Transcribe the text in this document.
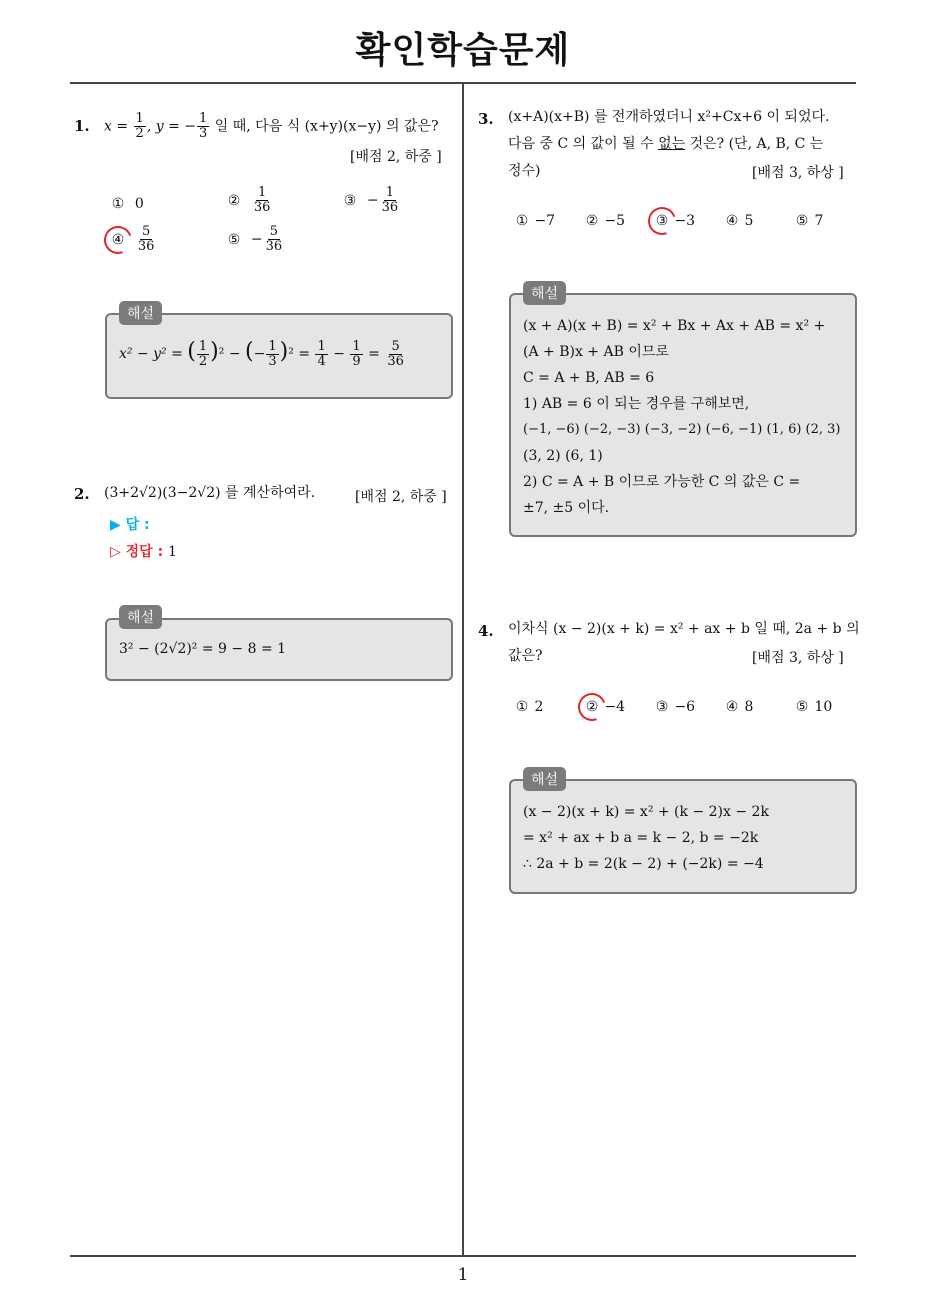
확인학습문제
1. $x = \frac{1}{2}$ , y = − $\frac{1}{3}$ 일 때, 다음 식 (x+y)(x−y) 의 값은?
[배점 2, 하중 ]
① 0	② $\frac{1}{36}$	③ − $\frac{1}{36}$
④ $\frac{5}{36}$	⑤ − $\frac{5}{36}$
x² − y² = ( $\frac{1}{2} )^2$ − (− $\frac{1}{3} )^2 = \frac{1}{4} - \frac{1}{9} = \frac{5}{36}$
해설
2. (3+2√2)(3−2√2) 를 계산하여라.	[배점 2, 하중 ]
▶ 답 :
▷ 정답 : 1
3² − (2√2)² = 9 − 8 = 1
해설
3. (x+A)(x+B) 를 전개하였더니 x²+Cx+6 이 되었다.
다음 중 C 의 값이 될 수 없는 것은? (단, A, B, C 는
정수)	[배점 3, 하상 ]
① −7 ② −5 ③ −3 ④ 5	⑤ 7
(x + A)(x + B) = x² + Bx + Ax + AB = x² +
(A + B)x + AB 이므로
C = A + B, AB = 6
1) AB = 6 이 되는 경우를 구해보면,
(−1, −6) (−2, −3) (−3, −2) (−6, −1) (1, 6) (2, 3)
(3, 2) (6, 1)
2) C = A + B 이므로 가능한 C 의 값은 C =
±7, ±5 이다.
해설
4. 이차식 (x − 2)(x + k) = x² + ax + b 일 때, 2a + b 의
값은?	[배점 3, 하상 ]
① 2	② −4 ③ −6 ④ 8	⑤ 10
(x − 2)(x + k) = x² + (k − 2)x − 2k
= x² + ax + b a = k − 2, b = −2k
∴ 2a + b = 2(k − 2) + (−2k) = −4
해설
1
